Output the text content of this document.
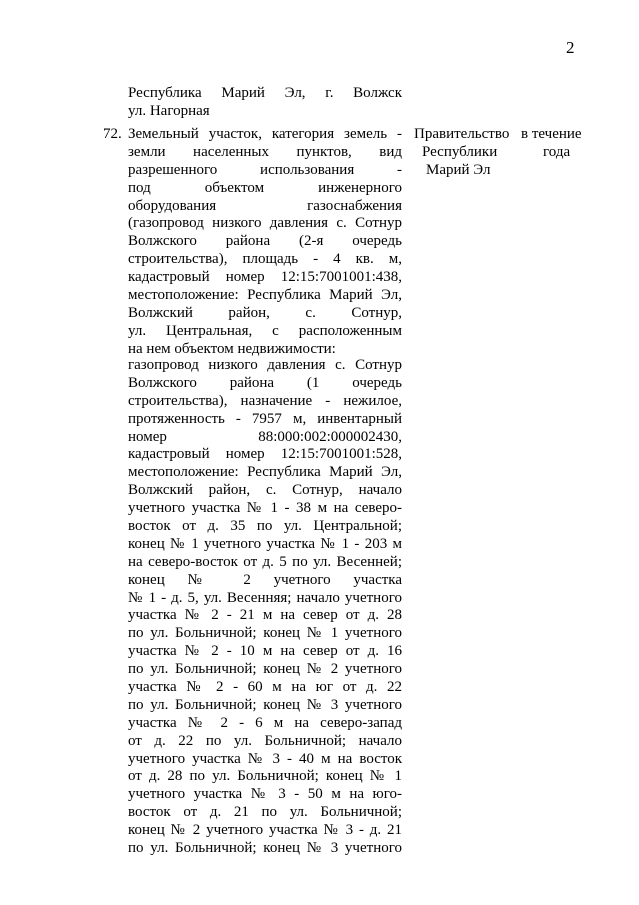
2
Республика Марий Эл, г. Волжск
ул. Нагорная
72. Земельный участок, категория земель -
земли населенных пунктов, вид
разрешенного использования -
под объектом инженерного
оборудования газоснабжения
(газопровод низкого давления с. Сотнур
Волжского района (2-я очередь
строительства), площадь - 4 кв. м,
кадастровый номер 12:15:7001001:438,
местоположение: Республика Марий Эл,
Волжский район, с. Сотнур,
ул. Центральная, с расположенным
на нем объектом недвижимости:
газопровод низкого давления с. Сотнур
Волжского района (1 очередь
строительства), назначение - нежилое,
протяженность - 7957 м, инвентарный
номер 88:000:002:000002430,
кадастровый номер 12:15:7001001:528,
местоположение: Республика Марий Эл,
Волжский район, с. Сотнур, начало
учетного участка № 1 - 38 м на северо-
восток от д. 35 по ул. Центральной;
конец № 1 учетного участка № 1 - 203 м
на северо-восток от д. 5 по ул. Весенней;
конец № 2 учетного участка
№ 1 - д. 5, ул. Весенняя; начало учетного
участка № 2 - 21 м на север от д. 28
по ул. Больничной; конец № 1 учетного
участка № 2 - 10 м на север от д. 16
по ул. Больничной; конец № 2 учетного
участка № 2 - 60 м на юг от д. 22
по ул. Больничной; конец № 3 учетного
участка № 2 - 6 м на северо-запад
от д. 22 по ул. Больничной; начало
учетного участка № 3 - 40 м на восток
от д. 28 по ул. Больничной; конец № 1
учетного участка № 3 - 50 м на юго-
восток от д. 21 по ул. Больничной;
конец № 2 учетного участка № 3 - д. 21
по ул. Больничной; конец № 3 учетного
Правительство
Республики
Марий Эл
в течение
года
